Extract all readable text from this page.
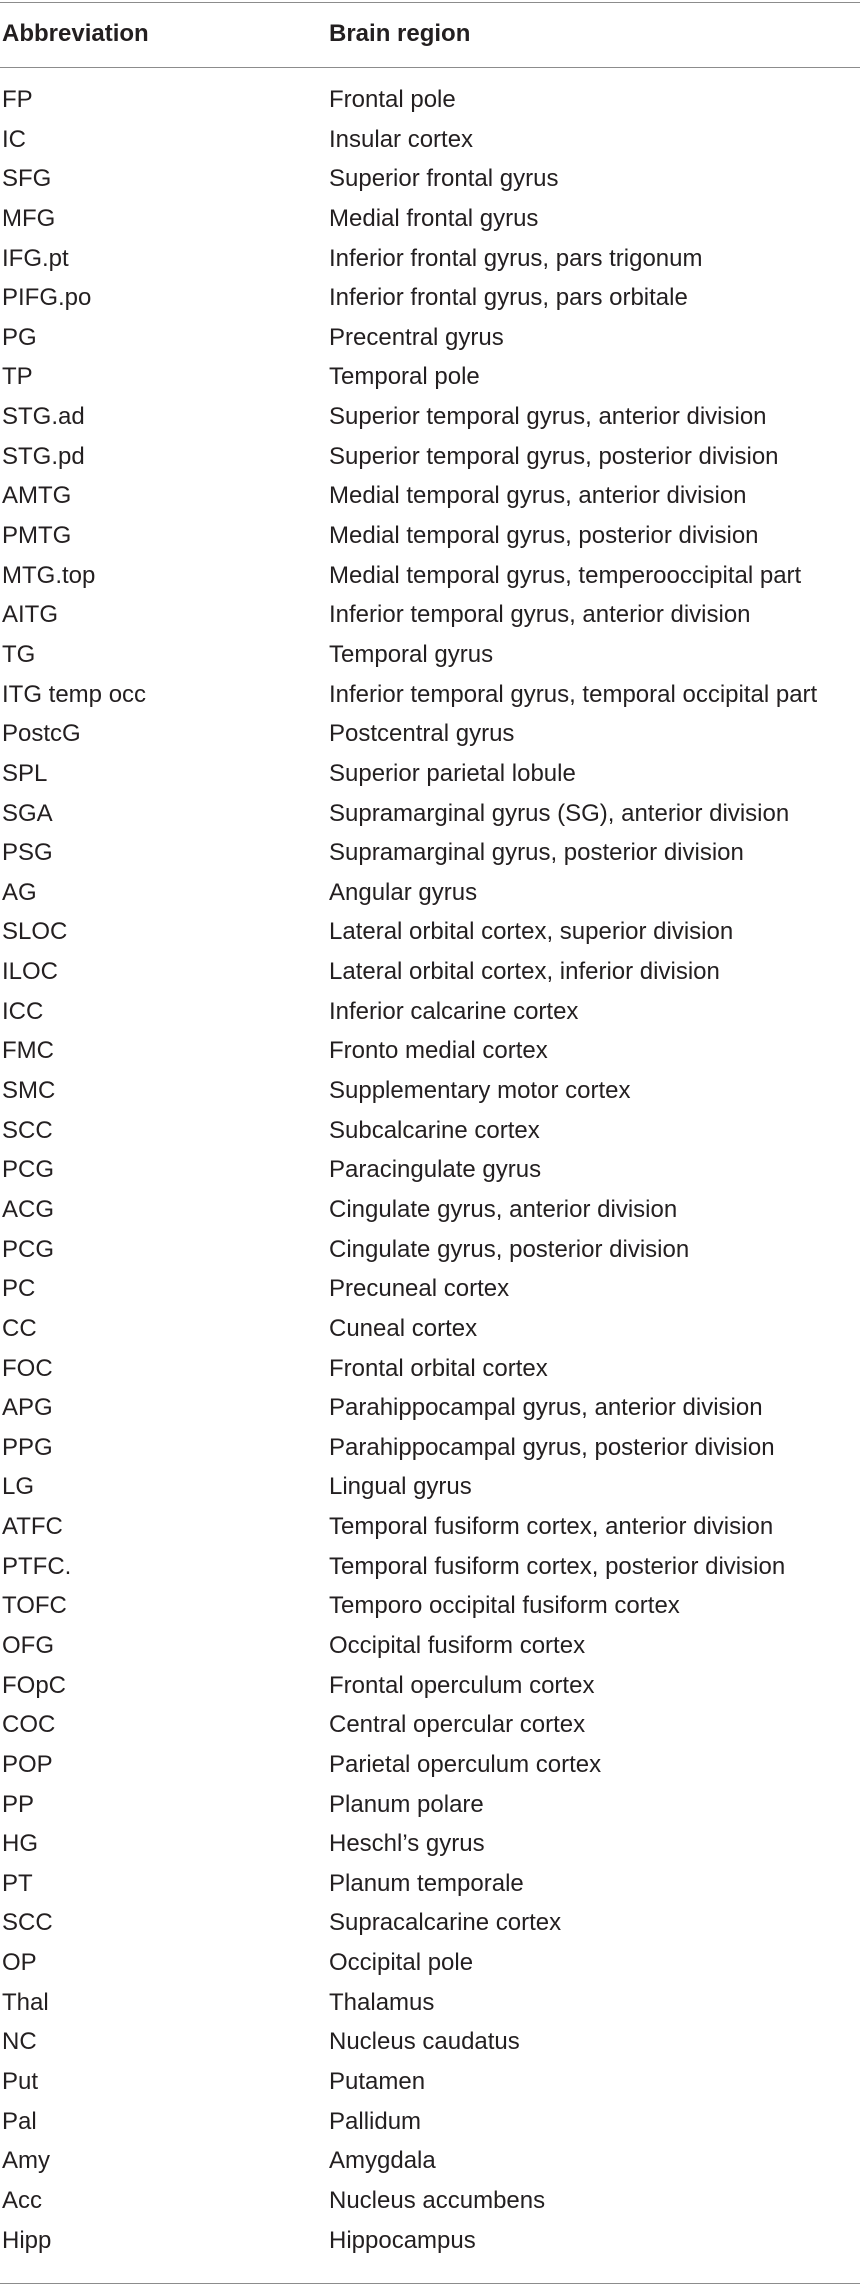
Abbreviation	Brain region
FP	Frontal pole
IC	Insular cortex
SFG	Superior frontal gyrus
MFG	Medial frontal gyrus
IFG.pt	Inferior frontal gyrus, pars trigonum
PIFG.po	Inferior frontal gyrus, pars orbitale
PG	Precentral gyrus
TP	Temporal pole
STG.ad	Superior temporal gyrus, anterior division
STG.pd	Superior temporal gyrus, posterior division
AMTG	Medial temporal gyrus, anterior division
PMTG	Medial temporal gyrus, posterior division
MTG.top	Medial temporal gyrus, temperooccipital part
AITG	Inferior temporal gyrus, anterior division
TG	Temporal gyrus
ITG temp occ	Inferior temporal gyrus, temporal occipital part
PostcG	Postcentral gyrus
SPL	Superior parietal lobule
SGA	Supramarginal gyrus (SG), anterior division
PSG	Supramarginal gyrus, posterior division
AG	Angular gyrus
SLOC	Lateral orbital cortex, superior division
ILOC	Lateral orbital cortex, inferior division
ICC	Inferior calcarine cortex
FMC	Fronto medial cortex
SMC	Supplementary motor cortex
SCC	Subcalcarine cortex
PCG	Paracingulate gyrus
ACG	Cingulate gyrus, anterior division
PCG	Cingulate gyrus, posterior division
PC	Precuneal cortex
CC	Cuneal cortex
FOC	Frontal orbital cortex
APG	Parahippocampal gyrus, anterior division
PPG	Parahippocampal gyrus, posterior division
LG	Lingual gyrus
ATFC	Temporal fusiform cortex, anterior division
PTFC.	Temporal fusiform cortex, posterior division
TOFC	Temporo occipital fusiform cortex
OFG	Occipital fusiform cortex
FOpC	Frontal operculum cortex
COC	Central opercular cortex
POP	Parietal operculum cortex
PP	Planum polare
HG	Heschl’s gyrus
PT	Planum temporale
SCC	Supracalcarine cortex
OP	Occipital pole
Thal	Thalamus
NC	Nucleus caudatus
Put	Putamen
Pal	Pallidum
Amy	Amygdala
Acc	Nucleus accumbens
Hipp	Hippocampus
